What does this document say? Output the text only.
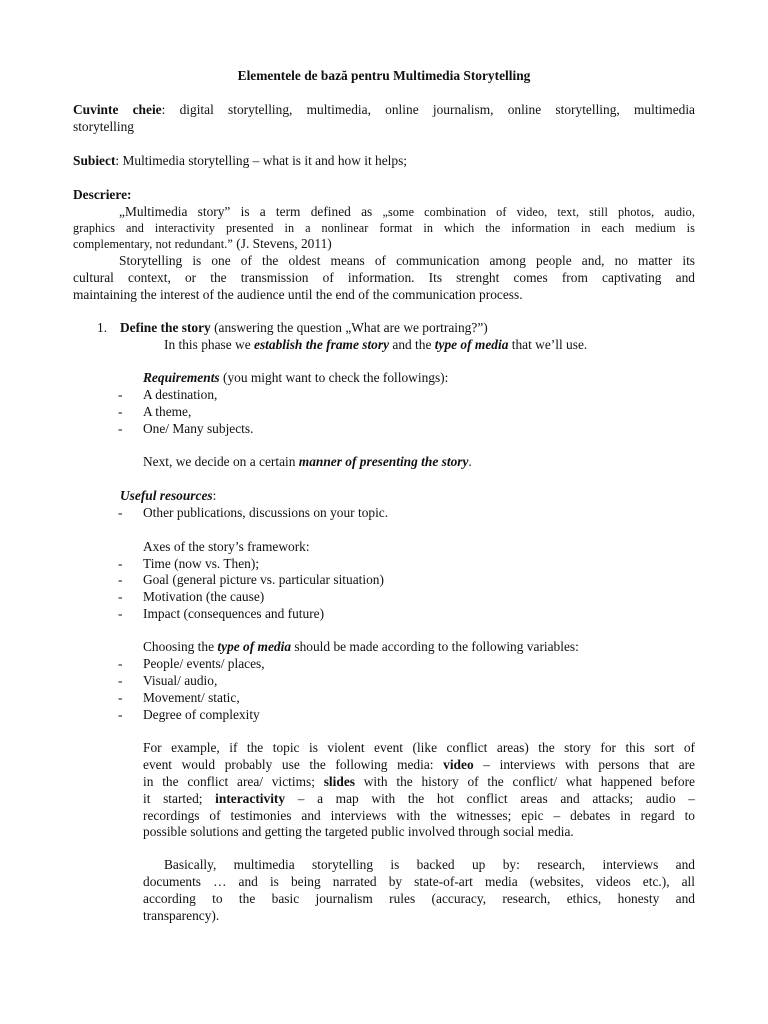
Elementele de bază pentru Multimedia Storytelling
Cuvinte cheie: digital storytelling, multimedia, online journalism, online storytelling, multimedia
storytelling
Subiect: Multimedia storytelling – what is it and how it helps;
Descriere:
„Multimedia story” is a term defined as „some combination of video, text, still photos, audio,
graphics and interactivity presented in a nonlinear format in which the information in each medium is
complementary, not redundant.” (J. Stevens, 2011)
Storytelling is one of the oldest means of communication among people and, no matter its
cultural context, or the transmission of information. Its strenght comes from captivating and
maintaining the interest of the audience until the end of the communication process.
1. Define the story (answering the question „What are we portraing?”)
In this phase we establish the frame story and the type of media that we’ll use.
Requirements (you might want to check the followings):
- A destination,
- A theme,
- One/ Many subjects.
Next, we decide on a certain manner of presenting the story.
Useful resources:
- Other publications, discussions on your topic.
Axes of the story’s framework:
- Time (now vs. Then);
- Goal (general picture vs. particular situation)
- Motivation (the cause)
- Impact (consequences and future)
Choosing the type of media should be made according to the following variables:
- People/ events/ places,
- Visual/ audio,
- Movement/ static,
- Degree of complexity
For example, if the topic is violent event (like conflict areas) the story for this sort of
event would probably use the following media: video – interviews with persons that are
in the conflict area/ victims; slides with the history of the conflict/ what happened before
it started; interactivity – a map with the hot conflict areas and attacks; audio –
recordings of testimonies and interviews with the witnesses; epic – debates in regard to
possible solutions and getting the targeted public involved through social media.
Basically, multimedia storytelling is backed up by: research, interviews and
documents … and is being narrated by state-of-art media (websites, videos etc.), all
according to the basic journalism rules (accuracy, research, ethics, honesty and
transparency).
